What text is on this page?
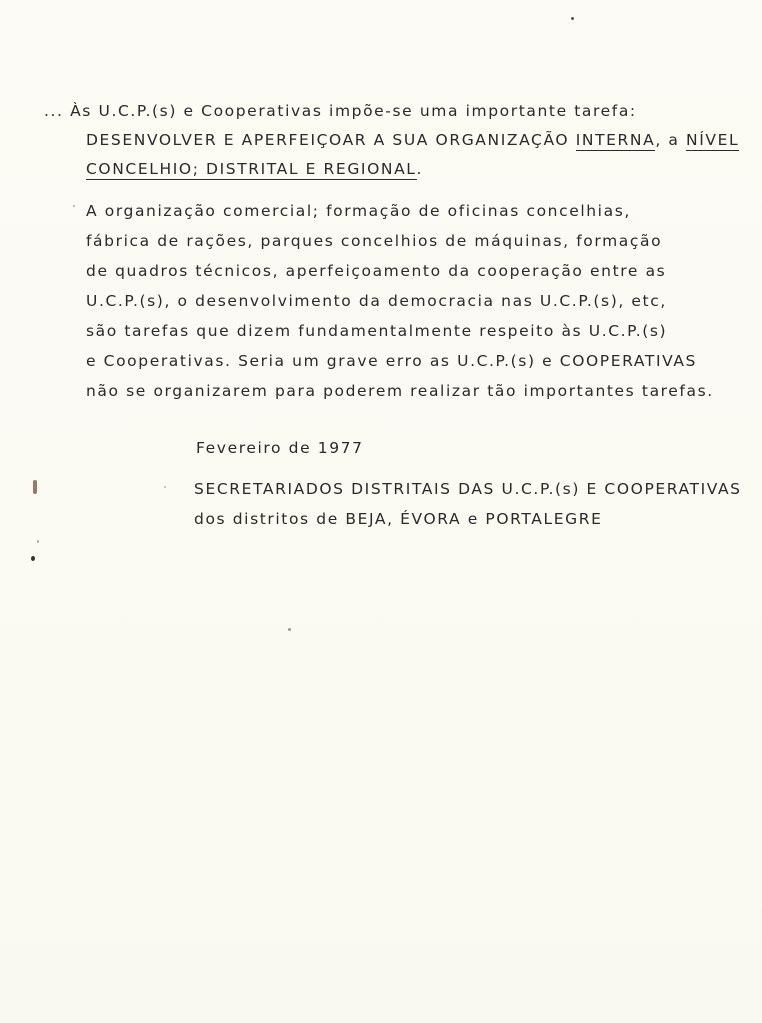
... Às U.C.P.(s) e Cooperativas impõe-se uma importante tarefa:
DESENVOLVER E APERFEIÇOAR A SUA ORGANIZAÇÃO INTERNA, a NÍVEL
CONCELHIO; DISTRITAL E REGIONAL.
A organização comercial; formação de oficinas concelhias,
fábrica de rações, parques concelhios de máquinas, formação
de quadros técnicos, aperfeiçoamento da cooperação entre as
U.C.P.(s), o desenvolvimento da democracia nas U.C.P.(s), etc,
são tarefas que dizem fundamentalmente respeito às U.C.P.(s)
e Cooperativas. Seria um grave erro as U.C.P.(s) e COOPERATIVAS
não se organizarem para poderem realizar tão importantes tarefas.
Fevereiro de 1977
SECRETARIADOS DISTRITAIS DAS U.C.P.(s) E COOPERATIVAS
dos distritos de BEJA, ÉVORA e PORTALEGRE
